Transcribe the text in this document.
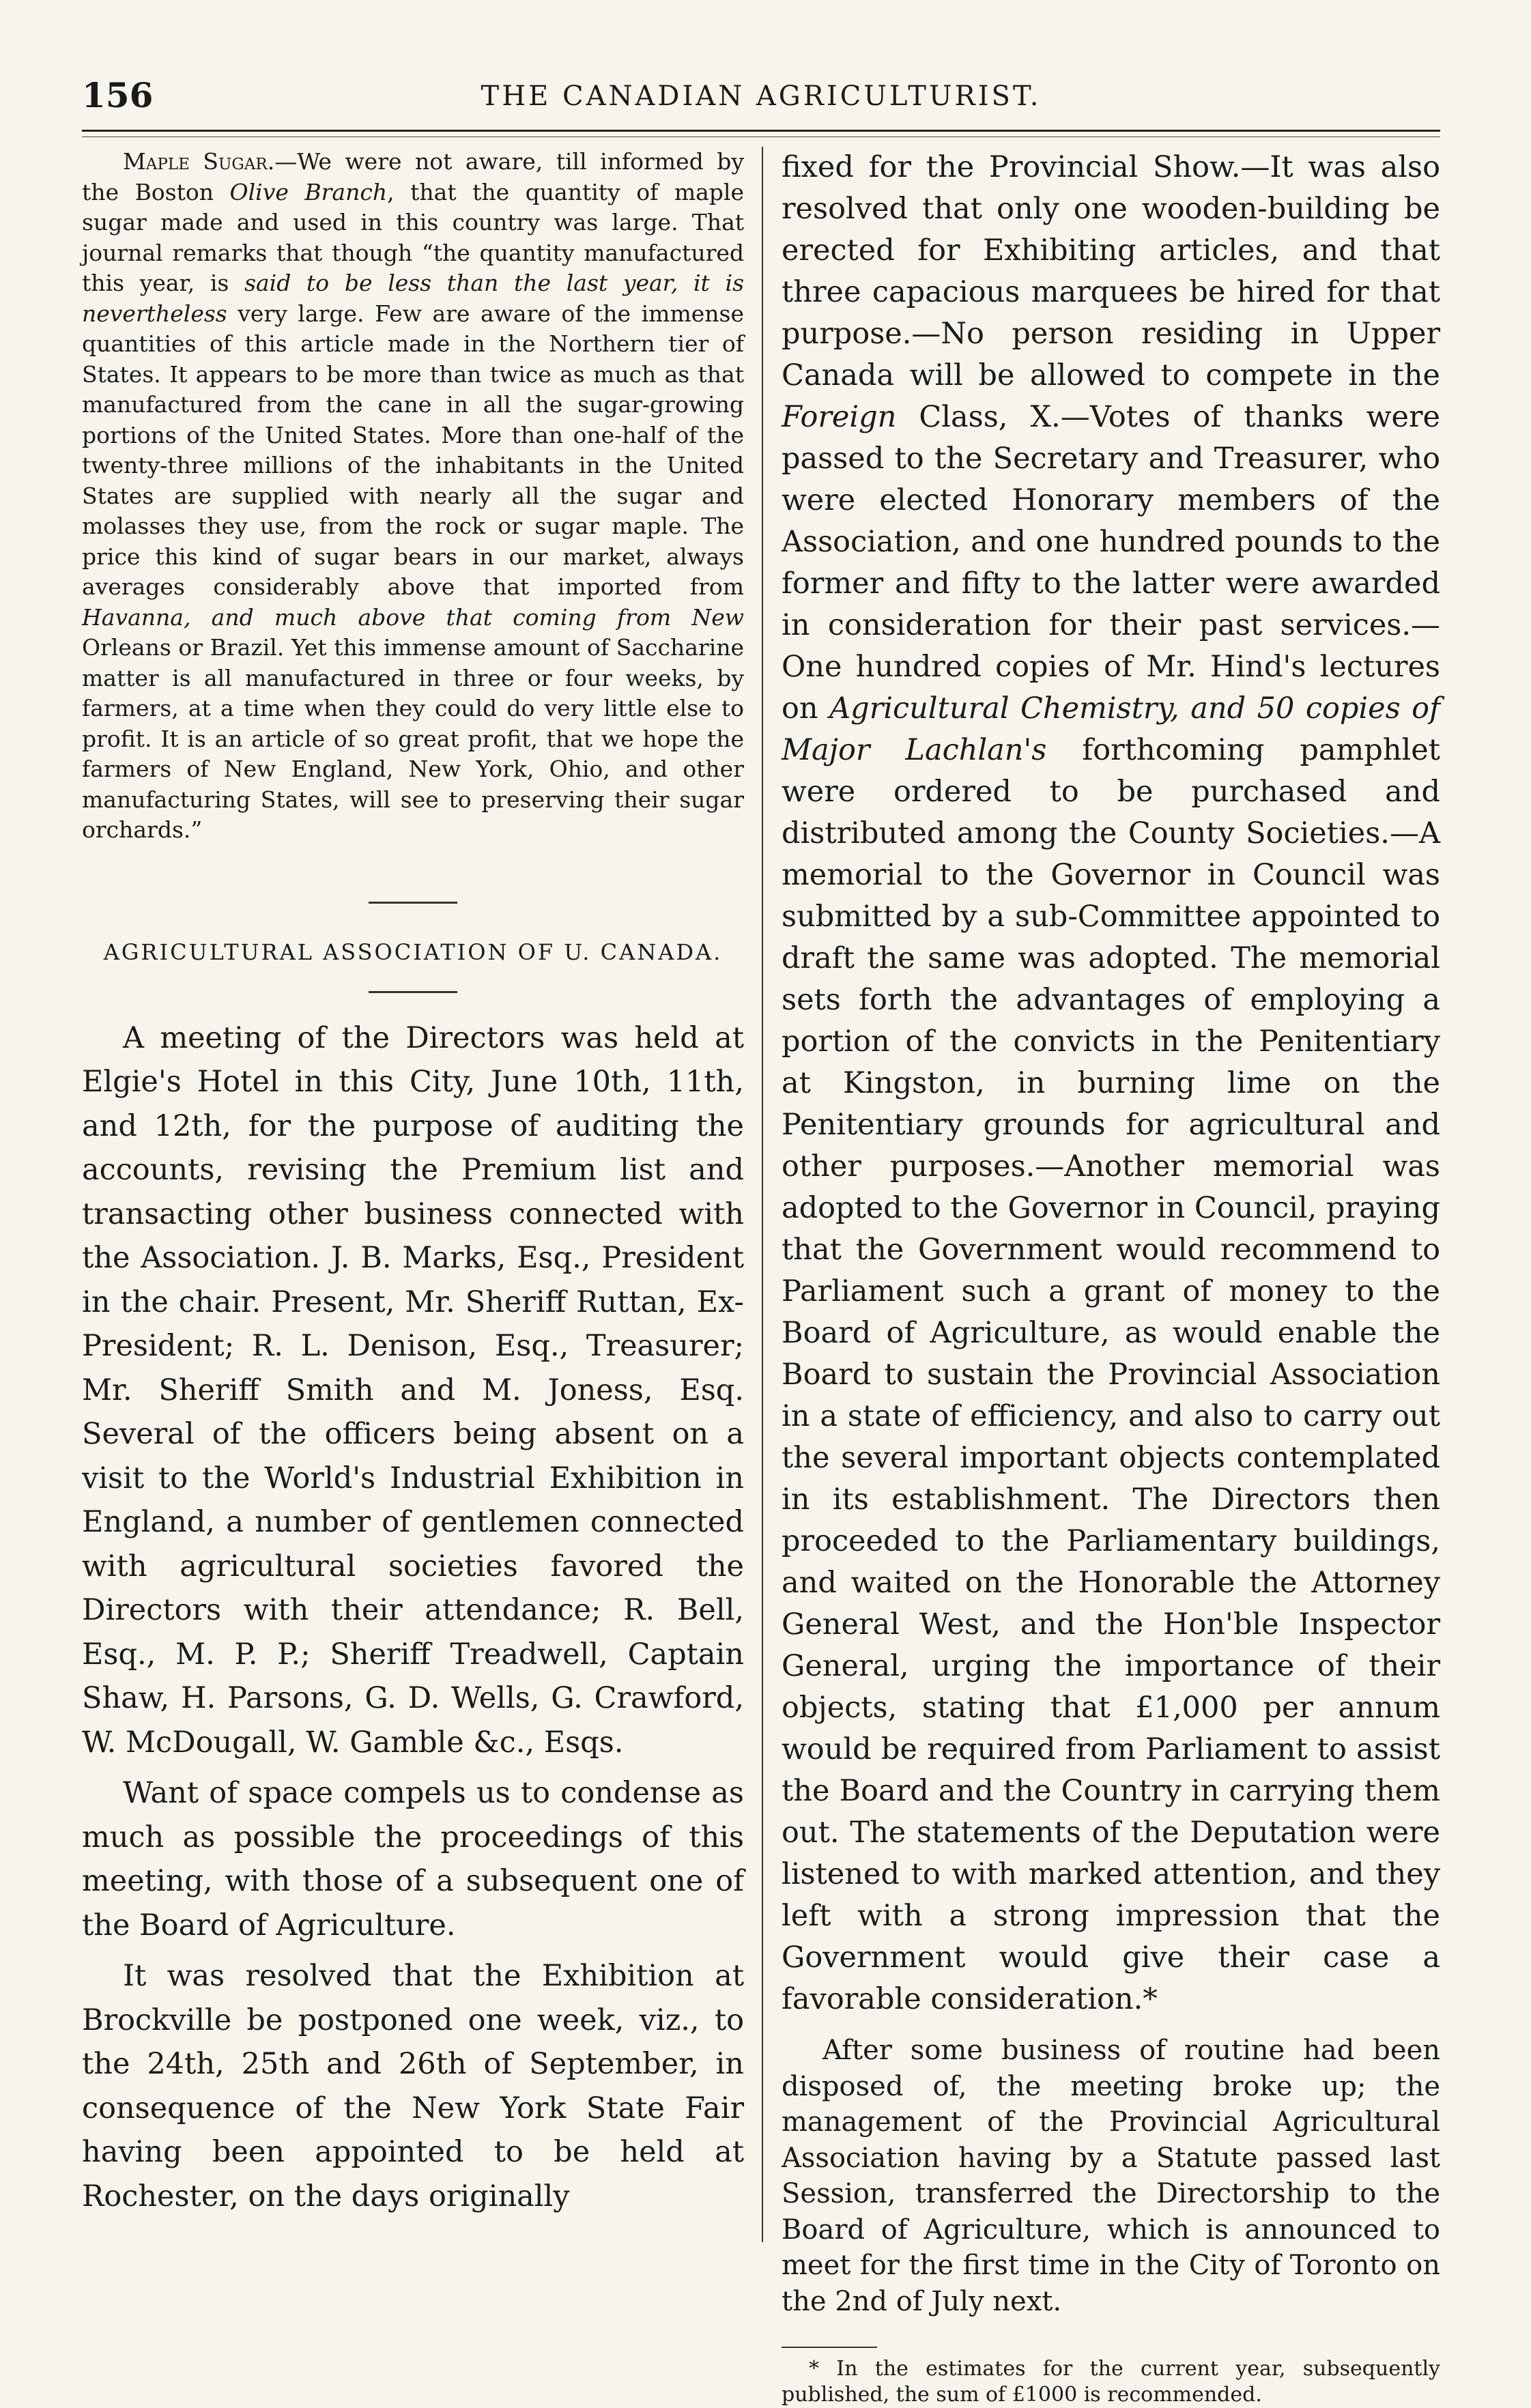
156	THE CANADIAN AGRICULTURIST.

Maple Sugar.—We were not aware, till informed by the Boston Olive Branch, that the quantity of maple sugar made and used in this country was large. That journal remarks that though “the quantity manufactured this year, is said to be less than the last year, it is nevertheless very large. Few are aware of the immense quantities of this article made in the Northern tier of States. It appears to be more than twice as much as that manufactured from the cane in all the sugar-growing portions of the United States. More than one-half of the twenty-three millions of the inhabitants in the United States are supplied with nearly all the sugar and molasses they use, from the rock or sugar maple. The price this kind of sugar bears in our market, always averages considerably above that imported from Havanna, and much above that coming from New Orleans or Brazil. Yet this immense amount of Saccharine matter is all manufactured in three or four weeks, by farmers, at a time when they could do very little else to profit. It is an article of so great profit, that we hope the farmers of New England, New York, Ohio, and other manufacturing States, will see to preserving their sugar orchards.”

AGRICULTURAL ASSOCIATION OF U. CANADA.

A meeting of the Directors was held at Elgie's Hotel in this City, June 10th, 11th, and 12th, for the purpose of auditing the accounts, revising the Premium list and transacting other business connected with the Association. J. B. Marks, Esq., President in the chair. Present, Mr. Sheriff Ruttan, Ex-President; R. L. Denison, Esq., Treasurer; Mr. Sheriff Smith and M. Joness, Esq. Several of the officers being absent on a visit to the World's Industrial Exhibition in England, a number of gentlemen connected with agricultural societies favored the Directors with their attendance; R. Bell, Esq., M. P. P.; Sheriff Treadwell, Captain Shaw, H. Parsons, G. D. Wells, G. Crawford, W. McDougall, W. Gamble &c., Esqs.

Want of space compels us to condense as much as possible the proceedings of this meeting, with those of a subsequent one of the Board of Agriculture.

It was resolved that the Exhibition at Brockville be postponed one week, viz., to the 24th, 25th and 26th of September, in consequence of the New York State Fair having been appointed to be held at Rochester, on the days originally

fixed for the Provincial Show.—It was also resolved that only one wooden-building be erected for Exhibiting articles, and that three capacious marquees be hired for that purpose.—No person residing in Upper Canada will be allowed to compete in the Foreign Class, X.—Votes of thanks were passed to the Secretary and Treasurer, who were elected Honorary members of the Association, and one hundred pounds to the former and fifty to the latter were awarded in consideration for their past services.—One hundred copies of Mr. Hind's lectures on Agricultural Chemistry, and 50 copies of Major Lachlan's forthcoming pamphlet were ordered to be purchased and distributed among the County Societies.—A memorial to the Governor in Council was submitted by a sub-Committee appointed to draft the same was adopted. The memorial sets forth the advantages of employing a portion of the convicts in the Penitentiary at Kingston, in burning lime on the Penitentiary grounds for agricultural and other purposes.—Another memorial was adopted to the Governor in Council, praying that the Government would recommend to Parliament such a grant of money to the Board of Agriculture, as would enable the Board to sustain the Provincial Association in a state of efficiency, and also to carry out the several important objects contemplated in its establishment. The Directors then proceeded to the Parliamentary buildings, and waited on the Honorable the Attorney General West, and the Hon'ble Inspector General, urging the importance of their objects, stating that £1,000 per annum would be required from Parliament to assist the Board and the Country in carrying them out. The statements of the Deputation were listened to with marked attention, and they left with a strong impression that the Government would give their case a favorable consideration.*

After some business of routine had been disposed of, the meeting broke up; the management of the Provincial Agricultural Association having by a Statute passed last Session, transferred the Directorship to the Board of Agriculture, which is announced to meet for the first time in the City of Toronto on the 2nd of July next.

* In the estimates for the current year, subsequently published, the sum of £1000 is recommended.
